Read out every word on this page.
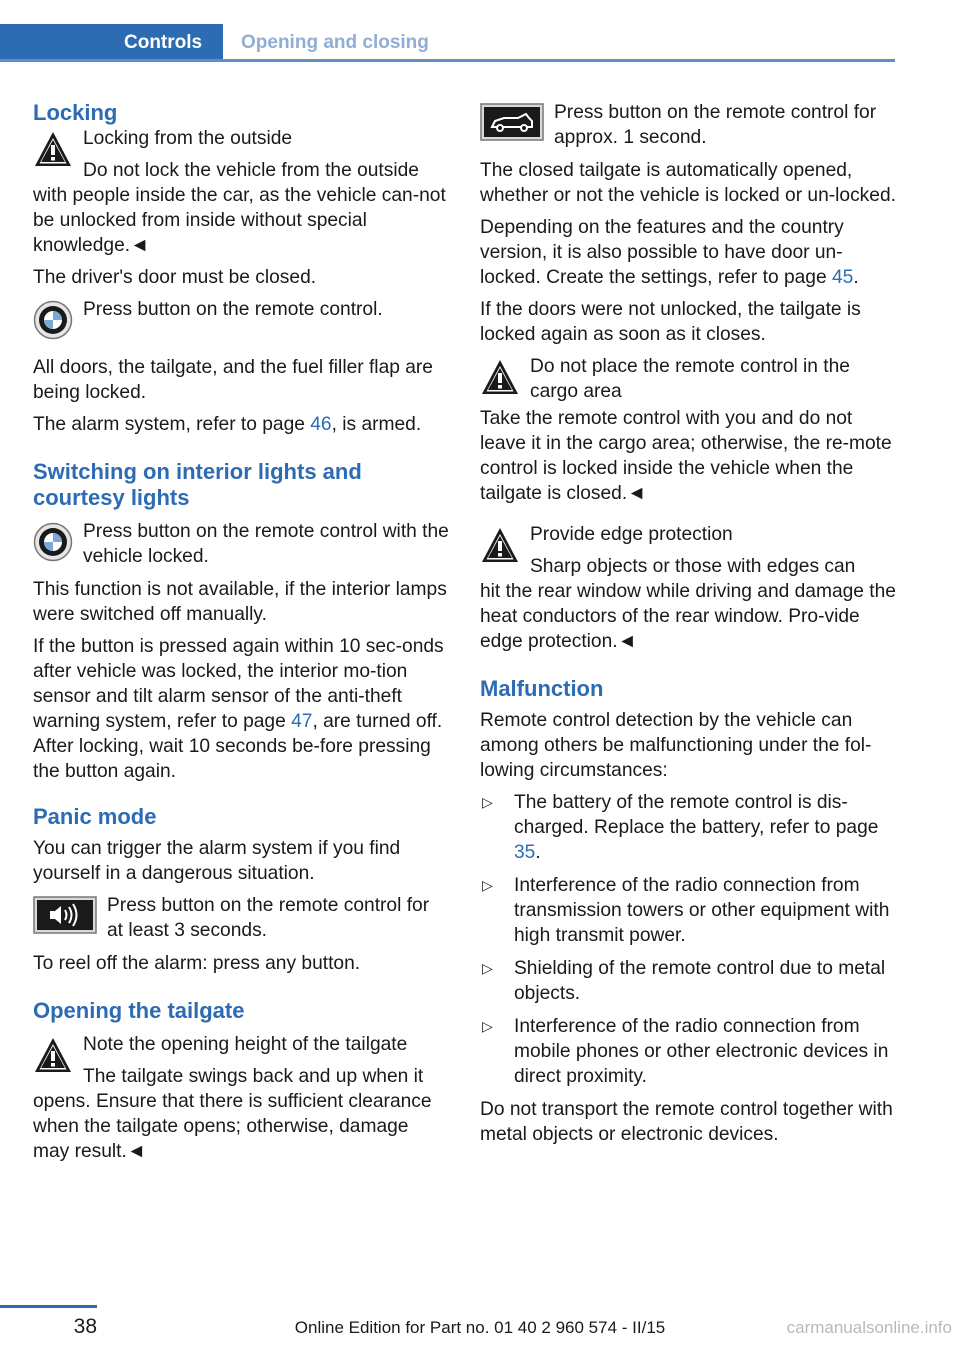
Controls	Opening and closing
Locking
Locking from the outside
Do not lock the vehicle from the outside

with people inside the car, as the vehicle can-not be unlocked from inside without special knowledge.◄

The driver's door must be closed.

Press button on the remote control.

All doors, the tailgate, and the fuel filler flap are being locked.

The alarm system, refer to page 46, is armed.

Switching on interior lights and courtesy lights
Press button on the remote control with the vehicle locked.

This function is not available, if the interior lamps were switched off manually.

If the button is pressed again within 10 sec-onds after vehicle was locked, the interior mo-tion sensor and tilt alarm sensor of the anti-theft warning system, refer to page 47, are turned off. After locking, wait 10 seconds be-fore pressing the button again.

Panic mode

You can trigger the alarm system if you find yourself in a dangerous situation.

Press button on the remote control for at least 3 seconds.

To reel off the alarm: press any button.

Opening the tailgate
Note the opening height of the tailgate
The tailgate swings back and up when it

opens. Ensure that there is sufficient clearance when the tailgate opens; otherwise, damage may result.◄

Press button on the remote control for approx. 1 second.

The closed tailgate is automatically opened, whether or not the vehicle is locked or un-locked.

Depending on the features and the country version, it is also possible to have door un-locked. Create the settings, refer to page 45.

If the doors were not unlocked, the tailgate is locked again as soon as it closes.

Do not place the remote control in the cargo area

Take the remote control with you and do not leave it in the cargo area; otherwise, the re-mote control is locked inside the vehicle when the tailgate is closed.◄

Provide edge protection
Sharp objects or those with edges can

hit the rear window while driving and damage the heat conductors of the rear window. Pro-vide edge protection.◄

Malfunction

Remote control detection by the vehicle can among others be malfunctioning under the fol-lowing circumstances:

▷ The battery of the remote control is dis-charged. Replace the battery, refer to page 35.
▷ Interference of the radio connection from transmission towers or other equipment with high transmit power.
▷ Shielding of the remote control due to metal objects.
▷ Interference of the radio connection from mobile phones or other electronic devices in direct proximity.

Do not transport the remote control together with metal objects or electronic devices.

38	Online Edition for Part no. 01 40 2 960 574 - II/15	carmanualsonline.info
